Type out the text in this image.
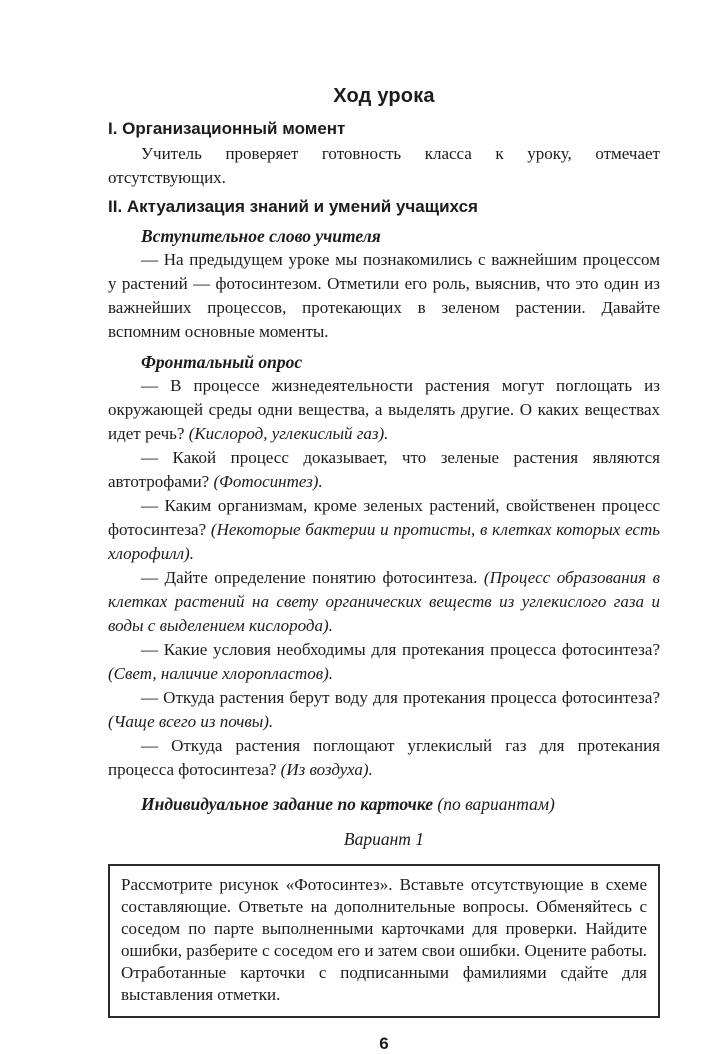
Ход урока
I. Организационный момент

Учитель проверяет готовность класса к уроку, отмечает отсутствующих.

II. Актуализация знаний и умений учащихся
Вступительное слово учителя

— На предыдущем уроке мы познакомились с важнейшим процессом у растений — фотосинтезом. Отметили его роль, выяснив, что это один из важнейших процессов, протекающих в зеленом растении. Давайте вспомним основные моменты.

Фронтальный опрос

— В процессе жизнедеятельности растения могут поглощать из окружающей среды одни вещества, а выделять другие. О каких веществах идет речь? (Кислород, углекислый газ).

— Какой процесс доказывает, что зеленые растения являются автотрофами? (Фотосинтез).

— Каким организмам, кроме зеленых растений, свойственен процесс фотосинтеза? (Некоторые бактерии и протисты, в клетках которых есть хлорофилл).

— Дайте определение понятию фотосинтеза. (Процесс образования в клетках растений на свету органических веществ из углекислого газа и воды с выделением кислорода).

— Какие условия необходимы для протекания процесса фотосинтеза? (Свет, наличие хлоропластов).

— Откуда растения берут воду для протекания процесса фотосинтеза? (Чаще всего из почвы).

— Откуда растения поглощают углекислый газ для протекания процесса фотосинтеза? (Из воздуха).

Индивидуальное задание по карточке (по вариантам)

Вариант 1

Рассмотрите рисунок «Фотосинтез». Вставьте отсутствующие в схеме составляющие. Ответьте на дополнительные вопросы. Обменяйтесь с соседом по парте выполненными карточками для проверки. Найдите ошибки, разберите с соседом его и затем свои ошибки. Оцените работы. Отработанные карточки с подписанными фамилиями сдайте для выставления отметки.

6
